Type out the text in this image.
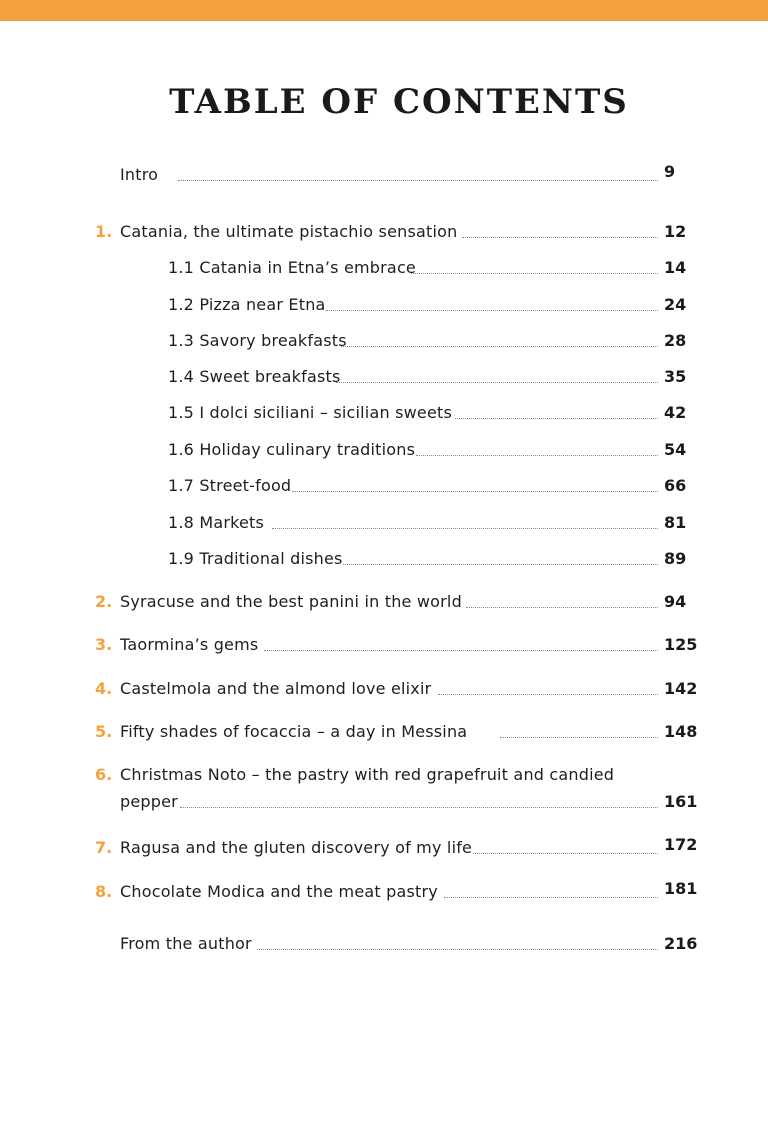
TABLE OF CONTENTS
Intro	9
1. Catania, the ultimate pistachio sensation	12
1.1 Catania in Etna’s embrace	14
1.2 Pizza near Etna	24
1.3 Savory breakfasts	28
1.4 Sweet breakfasts	35
1.5 I dolci siciliani – sicilian sweets	42
1.6 Holiday culinary traditions	54
1.7 Street-food	66
1.8 Markets	81
1.9 Traditional dishes	89
2. Syracuse and the best panini in the world	94
3. Taormina’s gems	125
4. Castelmola and the almond love elixir	142
5. Fifty shades of focaccia – a day in Messina	148
6. Christmas Noto – the pastry with red grapefruit and candied
pepper	161
7. Ragusa and the gluten discovery of my life	172
8. Chocolate Modica and the meat pastry	181
From the author	216
